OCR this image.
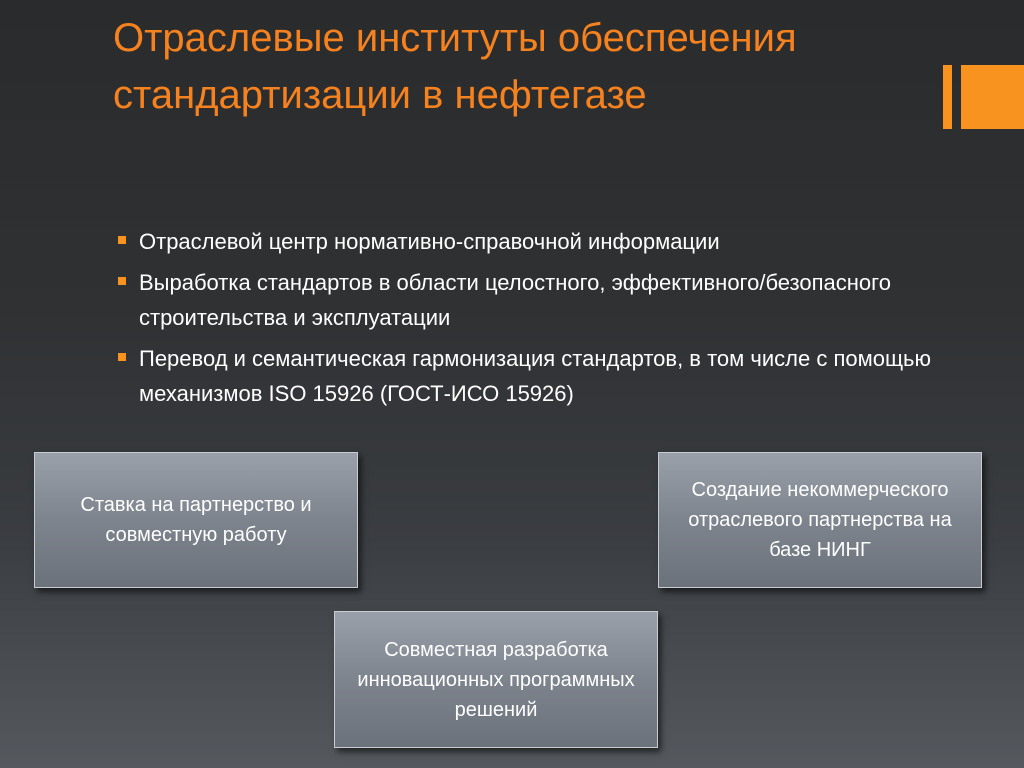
Отраслевые институты обеспечения стандартизации в нефтегазе
Отраслевой центр нормативно-справочной информации
Выработка стандартов в области целостного, эффективного/безопасного строительства и эксплуатации
Перевод и семантическая гармонизация стандартов, в том числе с помощью механизмов ISO 15926 (ГОСТ-ИСО 15926)
Ставка на партнерство и совместную работу
Создание некоммерческого отраслевого партнерства на базе НИНГ
Совместная разработка инновационных программных решений
